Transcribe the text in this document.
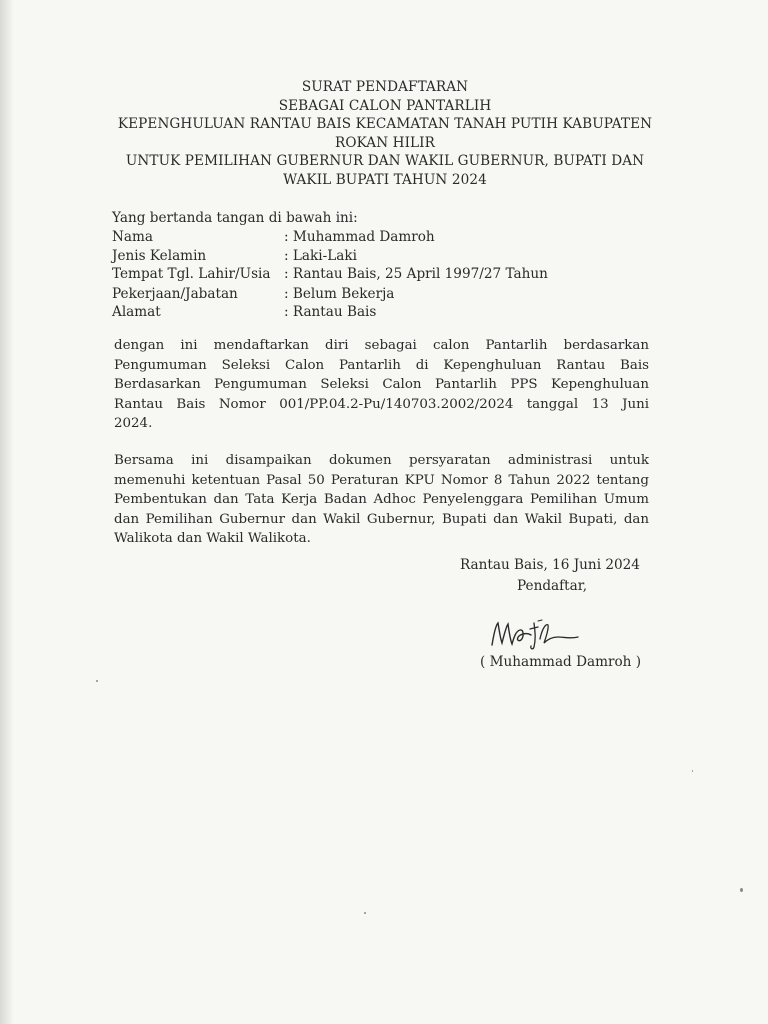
SURAT PENDAFTARAN
SEBAGAI CALON PANTARLIH
KEPENGHULUAN RANTAU BAIS KECAMATAN TANAH PUTIH KABUPATEN
ROKAN HILIR
UNTUK PEMILIHAN GUBERNUR DAN WAKIL GUBERNUR, BUPATI DAN
WAKIL BUPATI TAHUN 2024
Yang bertanda tangan di bawah ini:
Nama	: Muhammad Damroh
Jenis Kelamin	: Laki-Laki
Tempat Tgl. Lahir/Usia : Rantau Bais, 25 April 1997/27 Tahun
Pekerjaan/Jabatan	: Belum Bekerja
Alamat	: Rantau Bais
dengan ini mendaftarkan diri sebagai calon Pantarlih berdasarkan
Pengumuman Seleksi Calon Pantarlih di Kepenghuluan Rantau Bais
Berdasarkan Pengumuman Seleksi Calon Pantarlih PPS Kepenghuluan
Rantau Bais Nomor 001/PP.04.2-Pu/140703.2002/2024 tanggal 13 Juni
2024.
Bersama ini disampaikan dokumen persyaratan administrasi untuk
memenuhi ketentuan Pasal 50 Peraturan KPU Nomor 8 Tahun 2022 tentang
Pembentukan dan Tata Kerja Badan Adhoc Penyelenggara Pemilihan Umum
dan Pemilihan Gubernur dan Wakil Gubernur, Bupati dan Wakil Bupati, dan
Walikota dan Wakil Walikota.
Rantau Bais, 16 Juni 2024
Pendaftar,
( Muhammad Damroh )
